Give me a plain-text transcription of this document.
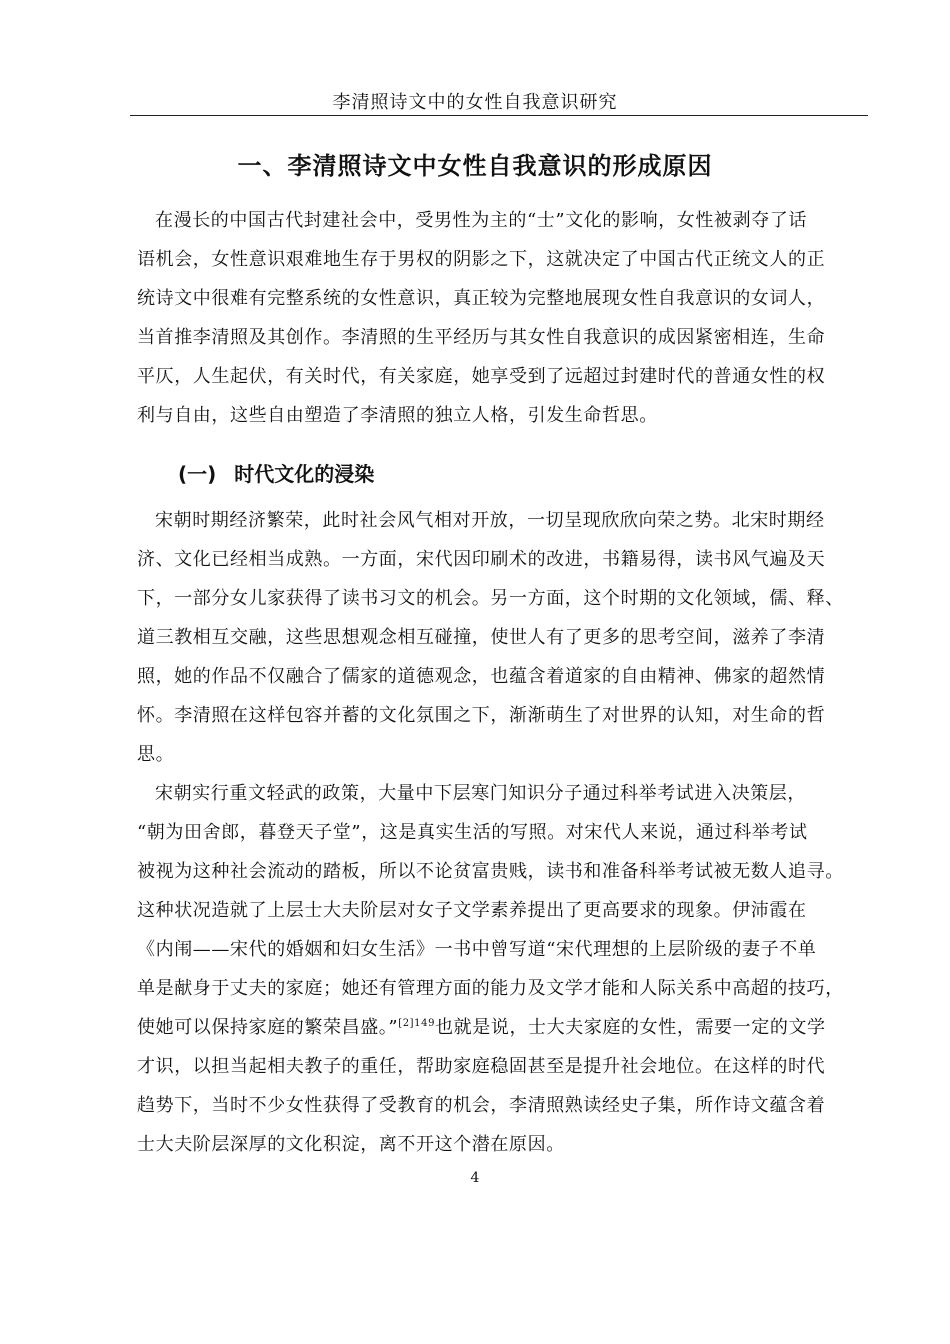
李清照诗文中的女性自我意识研究
一、李清照诗文中女性自我意识的形成原因
在漫长的中国古代封建社会中，受男性为主的“士”文化的影响，女性被剥夺了话
语机会，女性意识艰难地生存于男权的阴影之下，这就决定了中国古代正统文人的正
统诗文中很难有完整系统的女性意识，真正较为完整地展现女性自我意识的女词人，
当首推李清照及其创作。李清照的生平经历与其女性自我意识的成因紧密相连，生命
平仄，人生起伏，有关时代，有关家庭，她享受到了远超过封建时代的普通女性的权
利与自由，这些自由塑造了李清照的独立人格，引发生命哲思。
(一) 时代文化的浸染
宋朝时期经济繁荣，此时社会风气相对开放，一切呈现欣欣向荣之势。北宋时期经
济、文化已经相当成熟。一方面，宋代因印刷术的改进，书籍易得，读书风气遍及天
下，一部分女儿家获得了读书习文的机会。另一方面，这个时期的文化领域，儒、释、
道三教相互交融，这些思想观念相互碰撞，使世人有了更多的思考空间，滋养了李清
照，她的作品不仅融合了儒家的道德观念，也蕴含着道家的自由精神、佛家的超然情
怀。李清照在这样包容并蓄的文化氛围之下，渐渐萌生了对世界的认知，对生命的哲
思。
宋朝实行重文轻武的政策，大量中下层寒门知识分子通过科举考试进入决策层，
“朝为田舍郎，暮登天子堂”，这是真实生活的写照。对宋代人来说，通过科举考试
被视为这种社会流动的踏板，所以不论贫富贵贱，读书和准备科举考试被无数人追寻。
这种状况造就了上层士大夫阶层对女子文学素养提出了更高要求的现象。伊沛霞在
《内闱——宋代的婚姻和妇女生活》一书中曾写道“宋代理想的上层阶级的妻子不单
单是献身于丈夫的家庭；她还有管理方面的能力及文学才能和人际关系中高超的技巧，
使她可以保持家庭的繁荣昌盛。”$^{[2]149}$也就是说，士大夫家庭的女性，需要一定的文学
才识，以担当起相夫教子的重任，帮助家庭稳固甚至是提升社会地位。在这样的时代
趋势下，当时不少女性获得了受教育的机会，李清照熟读经史子集，所作诗文蕴含着
士大夫阶层深厚的文化积淀，离不开这个潜在原因。
4
